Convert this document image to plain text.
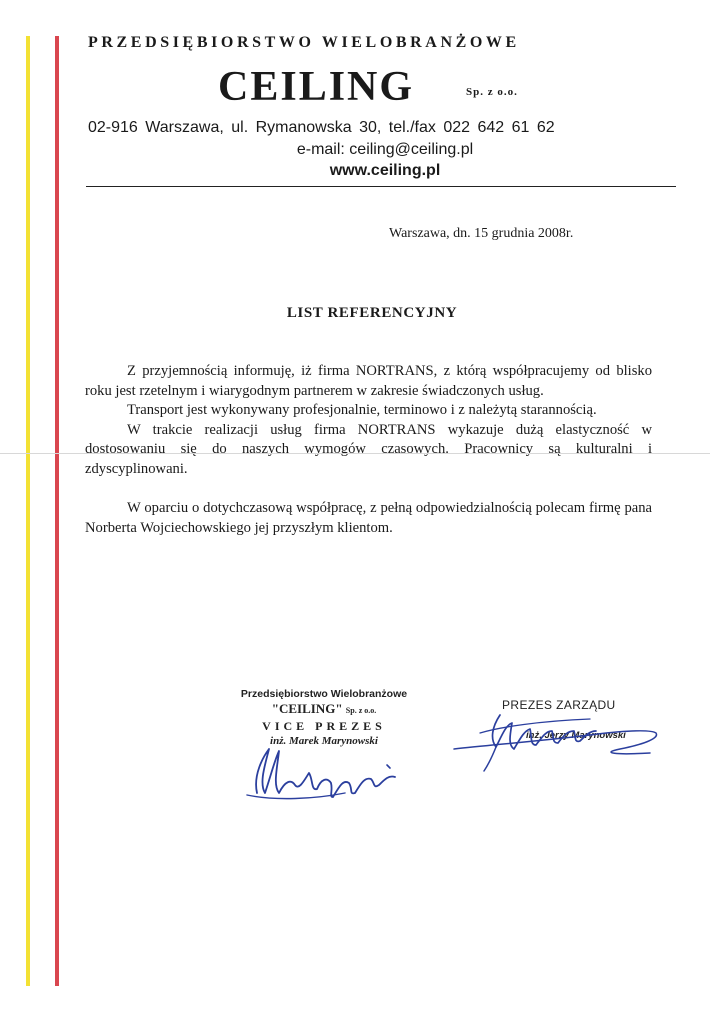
PRZEDSIĘBIORSTWO WIELOBRANŻOWE
CEILING	Sp. z o.o.
02-916 Warszawa, ul. Rymanowska 30, tel./fax 022 642 61 62
e-mail: ceiling@ceiling.pl
www.ceiling.pl
Warszawa, dn. 15 grudnia 2008r.
LIST REFERENCYJNY

Z przyjemnością informuję, iż firma NORTRANS, z którą współpracujemy od blisko roku jest rzetelnym i wiarygodnym partnerem w zakresie świadczonych usług.

Transport jest wykonywany profesjonalnie, terminowo i z należytą starannością.

W trakcie realizacji usług firma NORTRANS wykazuje dużą elastyczność w dostosowaniu się do naszych wymogów czasowych. Pracownicy są kulturalni i zdyscyplinowani.

W oparciu o dotychczasową współpracę, z pełną odpowiedzialnością polecam firmę pana Norberta Wojciechowskiego jej przyszłym klientom.

Przedsiębiorstwo Wielobranżowe
"CEILING" Sp. z o.o.
VICE PREZES
inż. Marek Marynowski
PREZES ZARZĄDU
inż. Jerzy Marynowski
